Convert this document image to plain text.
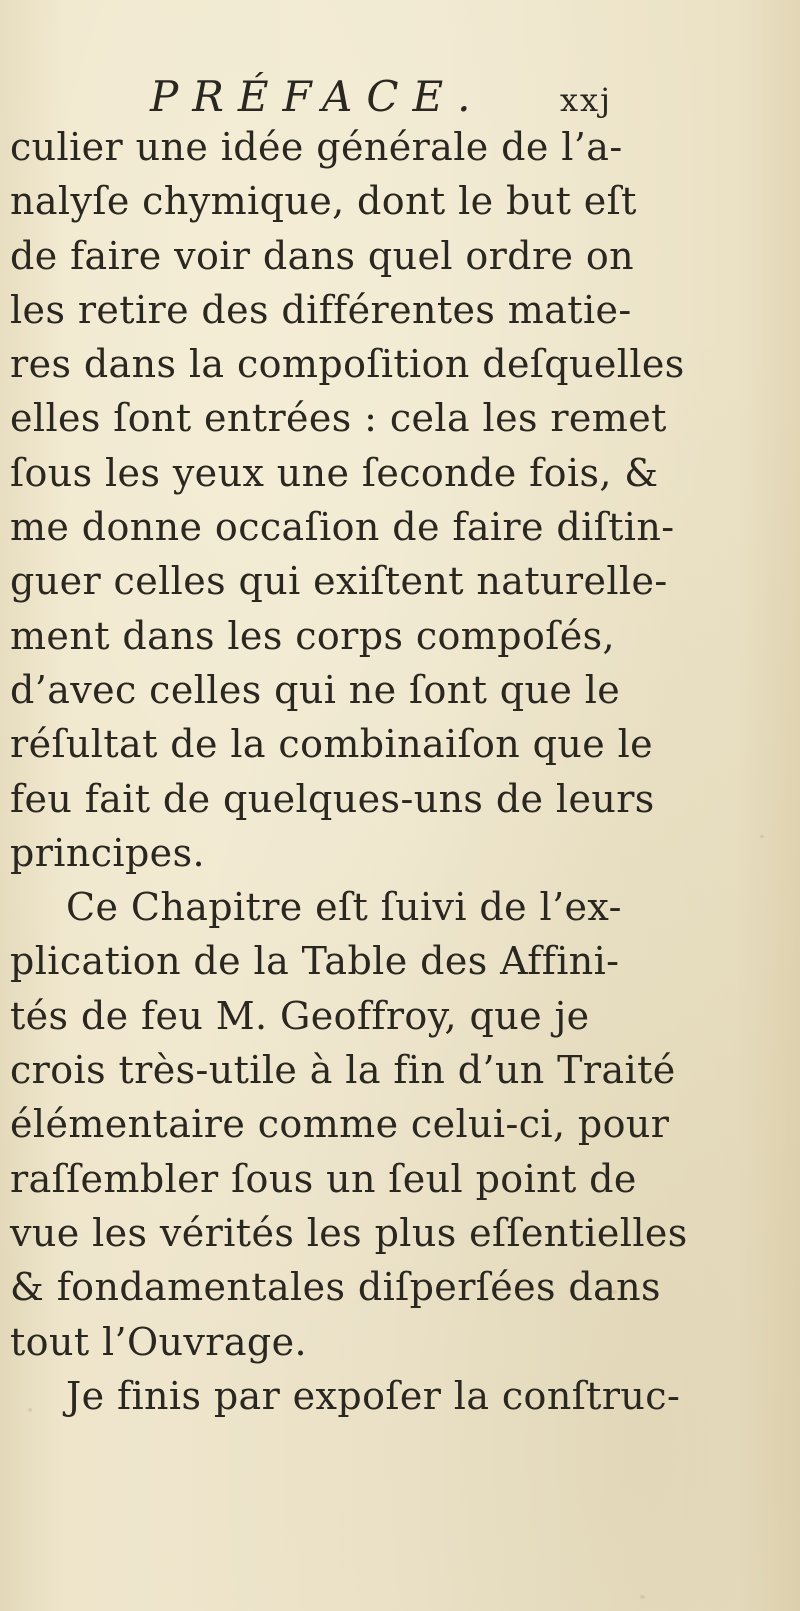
PRÉFACE. xxj
culier une idée générale de l’a-
nalyſe chymique, dont le but eſt
de faire voir dans quel ordre on
les retire des différentes matie-
res dans la compoſition deſquelles
elles ſont entrées : cela les remet
ſous les yeux une ſeconde fois, &
me donne occaſion de faire diſtin-
guer celles qui exiſtent naturelle-
ment dans les corps compoſés,
d’avec celles qui ne ſont que le
réſultat de la combinaiſon que le
feu fait de quelques-uns de leurs
principes.
Ce Chapitre eſt ſuivi de l’ex-
plication de la Table des Affini-
tés de feu M. Geoffroy, que je
crois très-utile à la fin d’un Traité
élémentaire comme celui-ci, pour
raſſembler ſous un ſeul point de
vue les vérités les plus eſſentielles
& fondamentales diſperſées dans
tout l’Ouvrage.
Je finis par expoſer la conſtruc-
